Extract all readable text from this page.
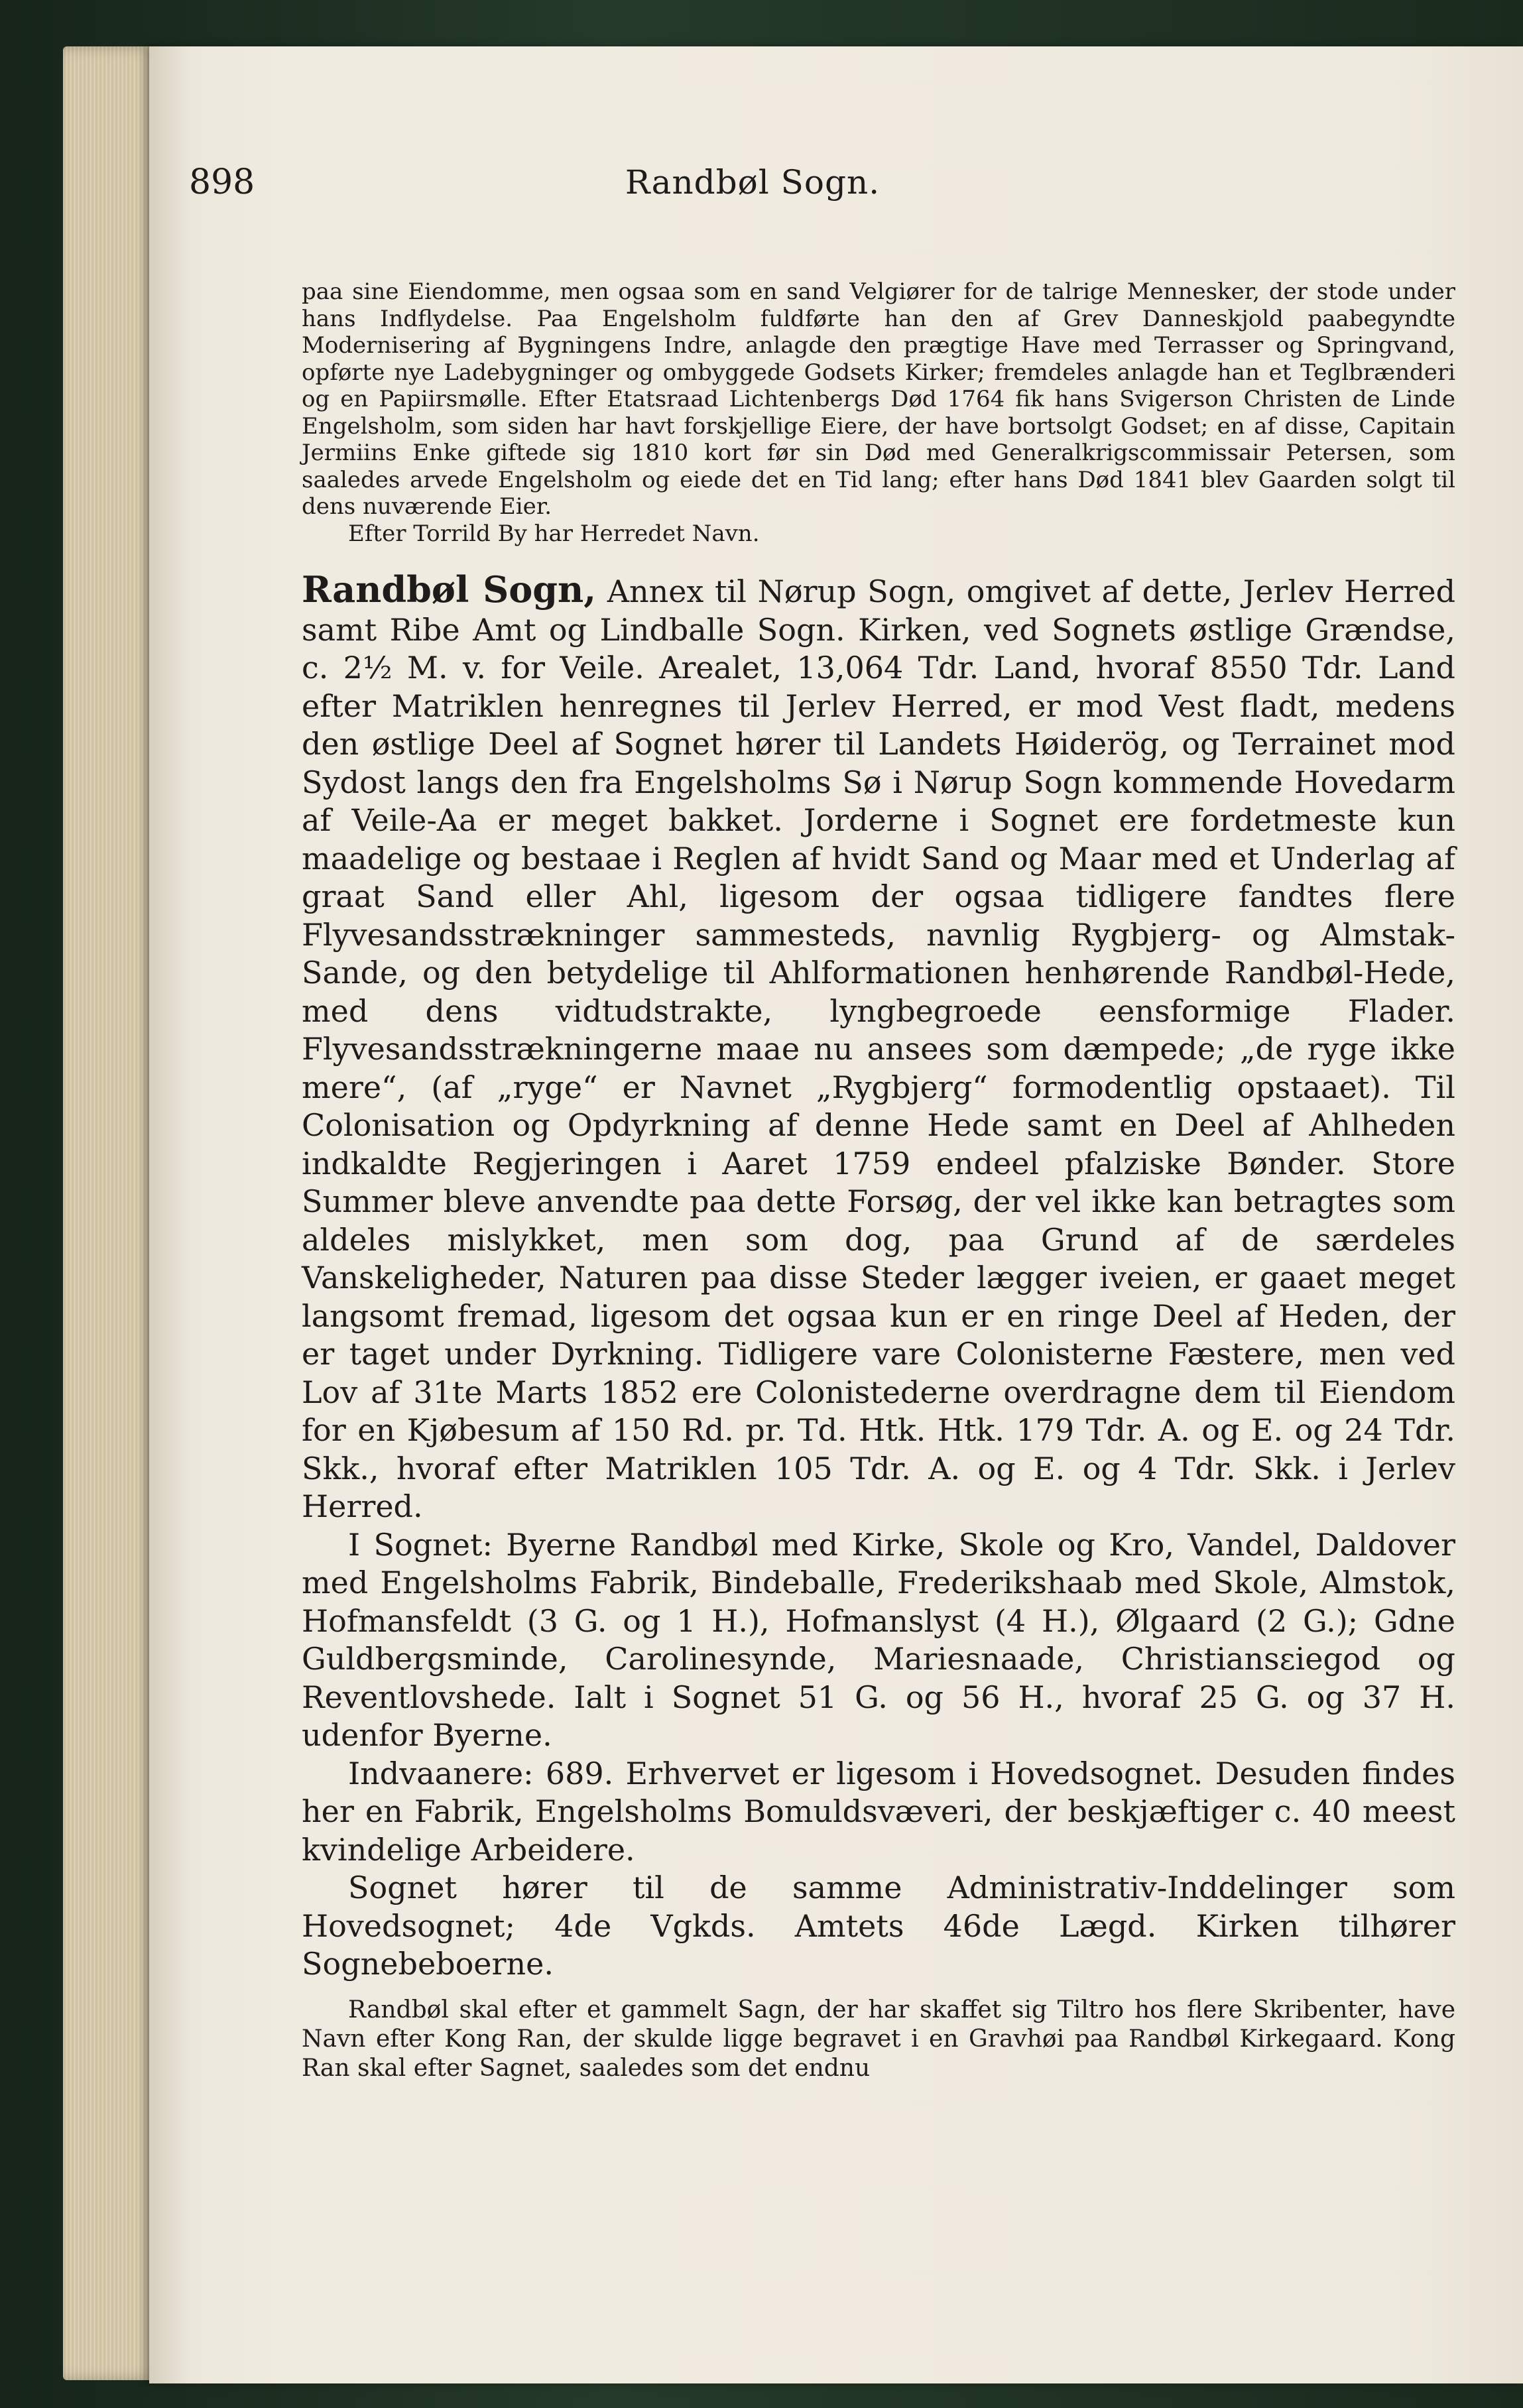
898	Randbøl Sogn.

paa sine Eiendomme, men ogsaa som en sand Velgiører for de talrige Mennesker, der stode under hans Indflydelse. Paa Engelsholm fuldførte han den af Grev Danneskjold paabegyndte Modernisering af Bygningens Indre, anlagde den prægtige Have med Terrasser og Springvand, opførte nye Ladebygninger og ombyggede Godsets Kirker; fremdeles anlagde han et Teglbrænderi og en Papiirsmølle. Efter Etatsraad Lichtenbergs Død 1764 fik hans Svigerson Christen de Linde Engelsholm, som siden har havt forskjellige Eiere, der have bortsolgt Godset; en af disse, Capitain Jermiins Enke giftede sig 1810 kort før sin Død med Generalkrigscommissair Petersen, som saaledes arvede Engelsholm og eiede det en Tid lang; efter hans Død 1841 blev Gaarden solgt til dens nuværende Eier.

Efter Torrild By har Herredet Navn.

Randbøl Sogn, Annex til Nørup Sogn, omgivet af dette, Jerlev Herred samt Ribe Amt og Lindballe Sogn. Kirken, ved Sognets østlige Grændse, c. 2½ M. v. for Veile. Arealet, 13,064 Tdr. Land, hvoraf 8550 Tdr. Land efter Matriklen henregnes til Jerlev Herred, er mod Vest fladt, medens den østlige Deel af Sognet hører til Landets Høiderög, og Terrainet mod Sydost langs den fra Engelsholms Sø i Nørup Sogn kommende Hovedarm af Veile-Aa er meget bakket. Jorderne i Sognet ere fordetmeste kun maadelige og bestaae i Reglen af hvidt Sand og Maar med et Underlag af graat Sand eller Ahl, ligesom der ogsaa tidligere fandtes flere Flyvesandsstrækninger sammesteds, navnlig Rygbjerg- og Almstak-Sande, og den betydelige til Ahlformationen henhørende Randbøl-Hede, med dens vidtudstrakte, lyngbegroede eensformige Flader. Flyvesandsstrækningerne maae nu ansees som dæmpede; „de ryge ikke mere“, (af „ryge“ er Navnet „Rygbjerg“ formodentlig opstaaet). Til Colonisation og Opdyrkning af denne Hede samt en Deel af Ahlheden indkaldte Regjeringen i Aaret 1759 endeel pfalziske Bønder. Store Summer bleve anvendte paa dette Forsøg, der vel ikke kan betragtes som aldeles mislykket, men som dog, paa Grund af de særdeles Vanskeligheder, Naturen paa disse Steder lægger iveien, er gaaet meget langsomt fremad, ligesom det ogsaa kun er en ringe Deel af Heden, der er taget under Dyrkning. Tidligere vare Colonisterne Fæstere, men ved Lov af 31te Marts 1852 ere Colonistederne overdragne dem til Eiendom for en Kjøbesum af 150 Rd. pr. Td. Htk. Htk. 179 Tdr. A. og E. og 24 Tdr. Skk., hvoraf efter Matriklen 105 Tdr. A. og E. og 4 Tdr. Skk. i Jerlev Herred.

I Sognet: Byerne Randbøl med Kirke, Skole og Kro, Vandel, Daldover med Engelsholms Fabrik, Bindeballe, Frederikshaab med Skole, Almstok, Hofmansfeldt (3 G. og 1 H.), Hofmanslyst (4 H.), Ølgaard (2 G.); Gdne Guldbergsminde, Carolinesynde, Mariesnaade, Christiansεiegod og Reventlovshede. Ialt i Sognet 51 G. og 56 H., hvoraf 25 G. og 37 H. udenfor Byerne.

Indvaanere: 689. Erhvervet er ligesom i Hovedsognet. Desuden findes her en Fabrik, Engelsholms Bomuldsvæveri, der beskjæftiger c. 40 meest kvindelige Arbeidere.

Sognet hører til de samme Administrativ-Inddelinger som Hovedsognet; 4de Vgkds. Amtets 46de Lægd. Kirken tilhører Sognebeboerne.

Randbøl skal efter et gammelt Sagn, der har skaffet sig Tiltro hos flere Skribenter, have Navn efter Kong Ran, der skulde ligge begravet i en Gravhøi paa Randbøl Kirkegaard. Kong Ran skal efter Sagnet, saaledes som det endnu
